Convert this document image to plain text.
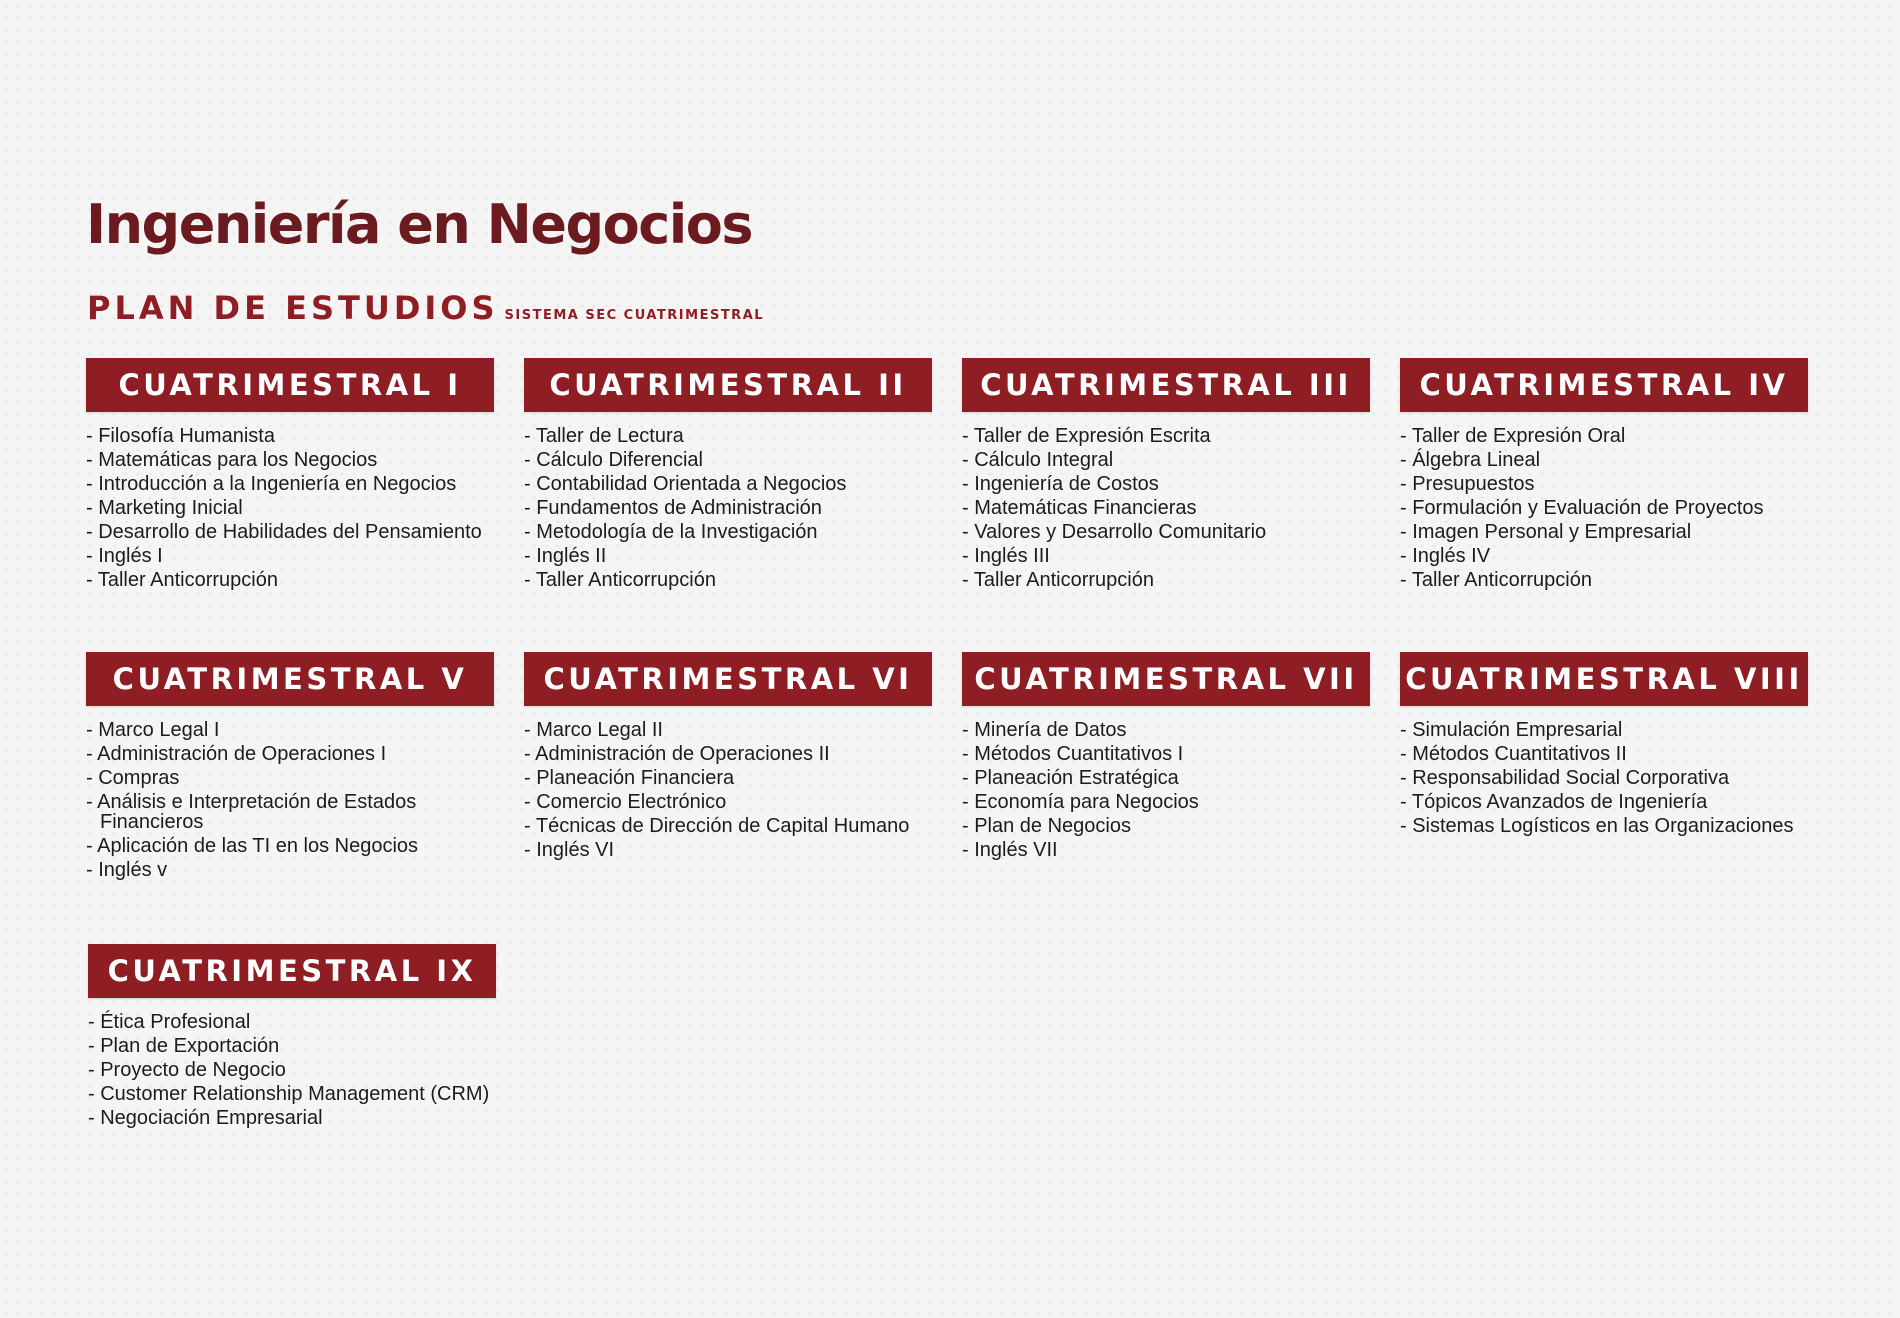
Ingeniería en Negocios
PLAN DE ESTUDIOS SISTEMA SEC CUATRIMESTRAL
CUATRIMESTRAL I
- Filosofía Humanista
- Matemáticas para los Negocios
- Introducción a la Ingeniería en Negocios
- Marketing Inicial
- Desarrollo de Habilidades del Pensamiento
- Inglés I
- Taller Anticorrupción
CUATRIMESTRAL II
- Taller de Lectura
- Cálculo Diferencial
- Contabilidad Orientada a Negocios
- Fundamentos de Administración
- Metodología de la Investigación
- Inglés II
- Taller Anticorrupción
CUATRIMESTRAL III
- Taller de Expresión Escrita
- Cálculo Integral
- Ingeniería de Costos
- Matemáticas Financieras
- Valores y Desarrollo Comunitario
- Inglés III
- Taller Anticorrupción
CUATRIMESTRAL IV
- Taller de Expresión Oral
- Álgebra Lineal
- Presupuestos
- Formulación y Evaluación de Proyectos
- Imagen Personal y Empresarial
- Inglés IV
- Taller Anticorrupción
CUATRIMESTRAL V
- Marco Legal I
- Administración de Operaciones I
- Compras
- Análisis e Interpretación de Estados Financieros
- Aplicación de las TI en los Negocios
- Inglés v
CUATRIMESTRAL VI
- Marco Legal II
- Administración de Operaciones II
- Planeación Financiera
- Comercio Electrónico
- Técnicas de Dirección de Capital Humano
- Inglés VI
CUATRIMESTRAL VII
- Minería de Datos
- Métodos Cuantitativos I
- Planeación Estratégica
- Economía para Negocios
- Plan de Negocios
- Inglés VII
CUATRIMESTRAL VIII
- Simulación Empresarial
- Métodos Cuantitativos II
- Responsabilidad Social Corporativa
- Tópicos Avanzados de Ingeniería
- Sistemas Logísticos en las Organizaciones
CUATRIMESTRAL IX
- Ética Profesional
- Plan de Exportación
- Proyecto de Negocio
- Customer Relationship Management (CRM)
- Negociación Empresarial
